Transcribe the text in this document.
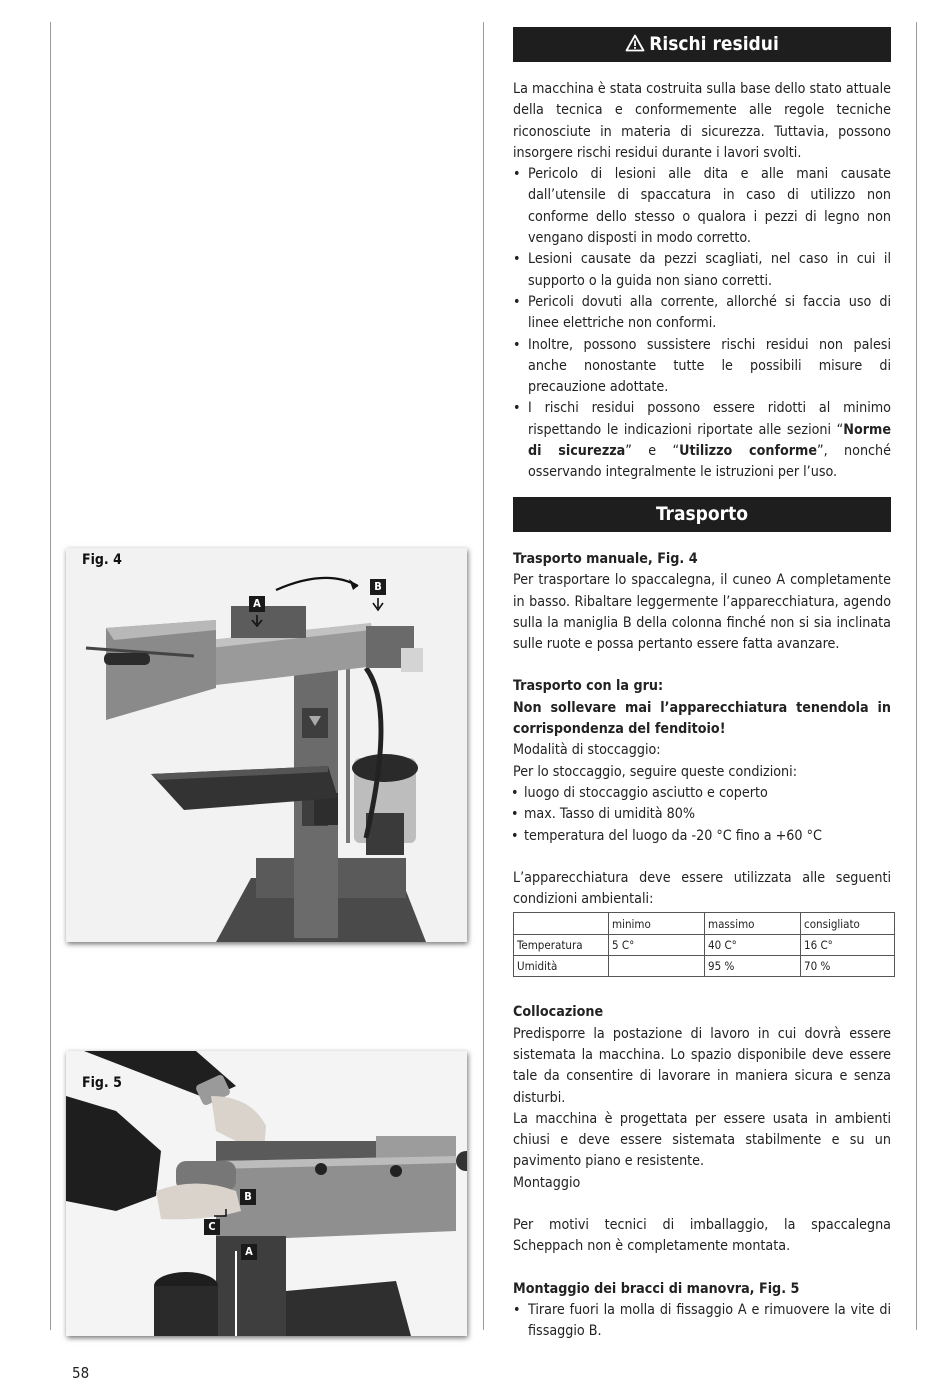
Fig. 4
A
B
Fig. 5
B
C
A
Rischi residui

La macchina è stata costruita sulla base dello stato attuale della tecnica e conformemente alle regole tecniche riconosciute in materia di sicurezza. Tuttavia, possono insorgere rischi residui durante i lavori svolti.

• Pericolo di lesioni alle dita e alle mani causate dall’utensile di spaccatura in caso di utilizzo non conforme dello stesso o qualora i pezzi di legno non vengano disposti in modo corretto.
• Lesioni causate da pezzi scagliati, nel caso in cui il supporto o la guida non siano corretti.
• Pericoli dovuti alla corrente, allorché si faccia uso di linee elettriche non conformi.
• Inoltre, possono sussistere rischi residui non palesi anche nonostante tutte le possibili misure di precauzione adottate.
• I rischi residui possono essere ridotti al minimo rispettando le indicazioni riportate alle sezioni “Norme di sicurezza” e “Utilizzo conforme”, nonché osservando integralmente le istruzioni per l’uso.
Trasporto

Trasporto manuale, Fig. 4

Per trasportare lo spaccalegna, il cuneo A completamente in basso. Ribaltare leggermente l’apparecchiatura, agendo sulla la maniglia B della colonna finché non si sia inclinata sulle ruote e possa pertanto essere fatta avanzare.

Trasporto con la gru:

Non sollevare mai l’apparecchiatura tenendola in corrispondenza del fenditoio!

Modalità di stoccaggio:

Per lo stoccaggio, seguire queste condizioni:

• luogo di stoccaggio asciutto e coperto
• max. Tasso di umidità 80%
• temperatura del luogo da -20 °C fino a +60 °C

L’apparecchiatura deve essere utilizzata alle seguenti condizioni ambientali:

	minimo	massimo	consigliato
Temperatura	5 C°	40 C°	16 C°
Umidità		95 %	70 %

Collocazione

Predisporre la postazione di lavoro in cui dovrà essere sistemata la macchina. Lo spazio disponibile deve essere tale da consentire di lavorare in maniera sicura e senza disturbi.

La macchina è progettata per essere usata in ambienti chiusi e deve essere sistemata stabilmente e su un pavimento piano e resistente.

Montaggio

Per motivi tecnici di imballaggio, la spaccalegna Scheppach non è completamente montata.

Montaggio dei bracci di manovra, Fig. 5

• Tirare fuori la molla di fissaggio A e rimuovere la vite di fissaggio B.
58
